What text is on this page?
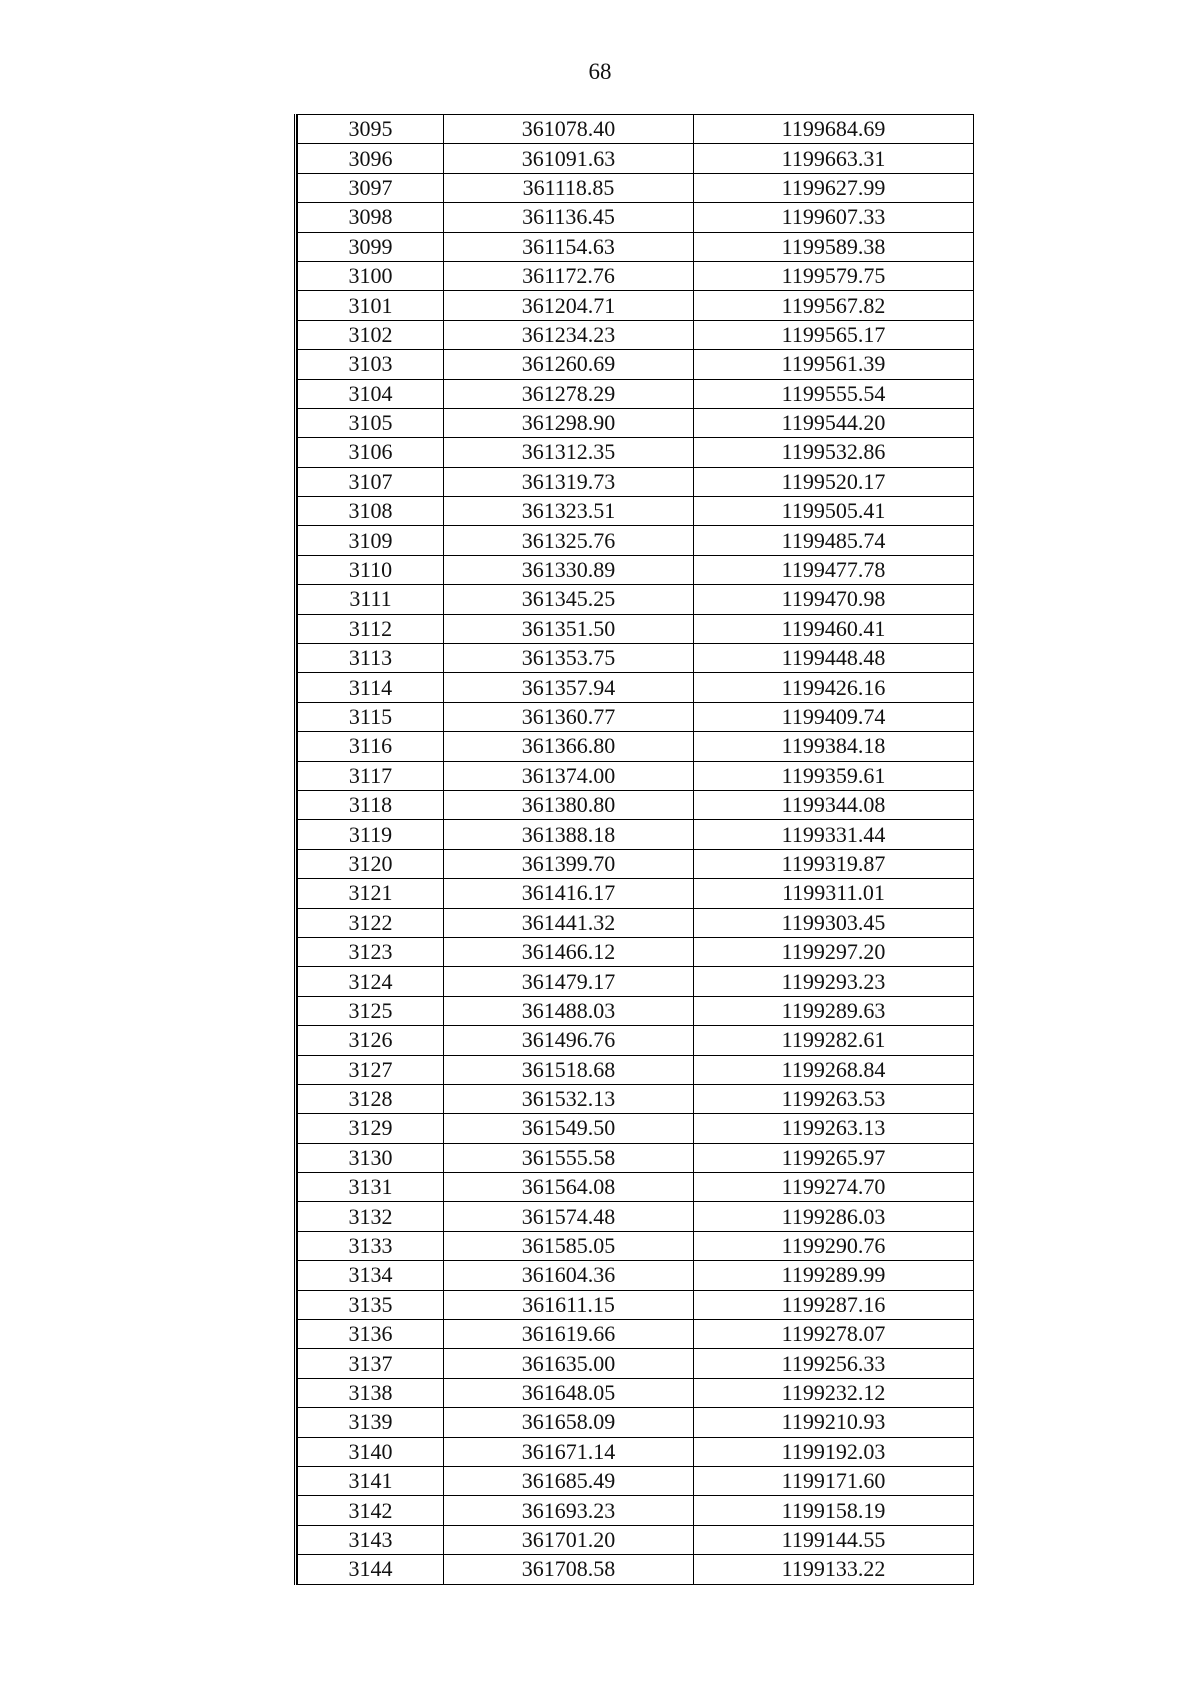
68
3095	361078.40	1199684.69
3096	361091.63	1199663.31
3097	361118.85	1199627.99
3098	361136.45	1199607.33
3099	361154.63	1199589.38
3100	361172.76	1199579.75
3101	361204.71	1199567.82
3102	361234.23	1199565.17
3103	361260.69	1199561.39
3104	361278.29	1199555.54
3105	361298.90	1199544.20
3106	361312.35	1199532.86
3107	361319.73	1199520.17
3108	361323.51	1199505.41
3109	361325.76	1199485.74
3110	361330.89	1199477.78
3111	361345.25	1199470.98
3112	361351.50	1199460.41
3113	361353.75	1199448.48
3114	361357.94	1199426.16
3115	361360.77	1199409.74
3116	361366.80	1199384.18
3117	361374.00	1199359.61
3118	361380.80	1199344.08
3119	361388.18	1199331.44
3120	361399.70	1199319.87
3121	361416.17	1199311.01
3122	361441.32	1199303.45
3123	361466.12	1199297.20
3124	361479.17	1199293.23
3125	361488.03	1199289.63
3126	361496.76	1199282.61
3127	361518.68	1199268.84
3128	361532.13	1199263.53
3129	361549.50	1199263.13
3130	361555.58	1199265.97
3131	361564.08	1199274.70
3132	361574.48	1199286.03
3133	361585.05	1199290.76
3134	361604.36	1199289.99
3135	361611.15	1199287.16
3136	361619.66	1199278.07
3137	361635.00	1199256.33
3138	361648.05	1199232.12
3139	361658.09	1199210.93
3140	361671.14	1199192.03
3141	361685.49	1199171.60
3142	361693.23	1199158.19
3143	361701.20	1199144.55
3144	361708.58	1199133.22
